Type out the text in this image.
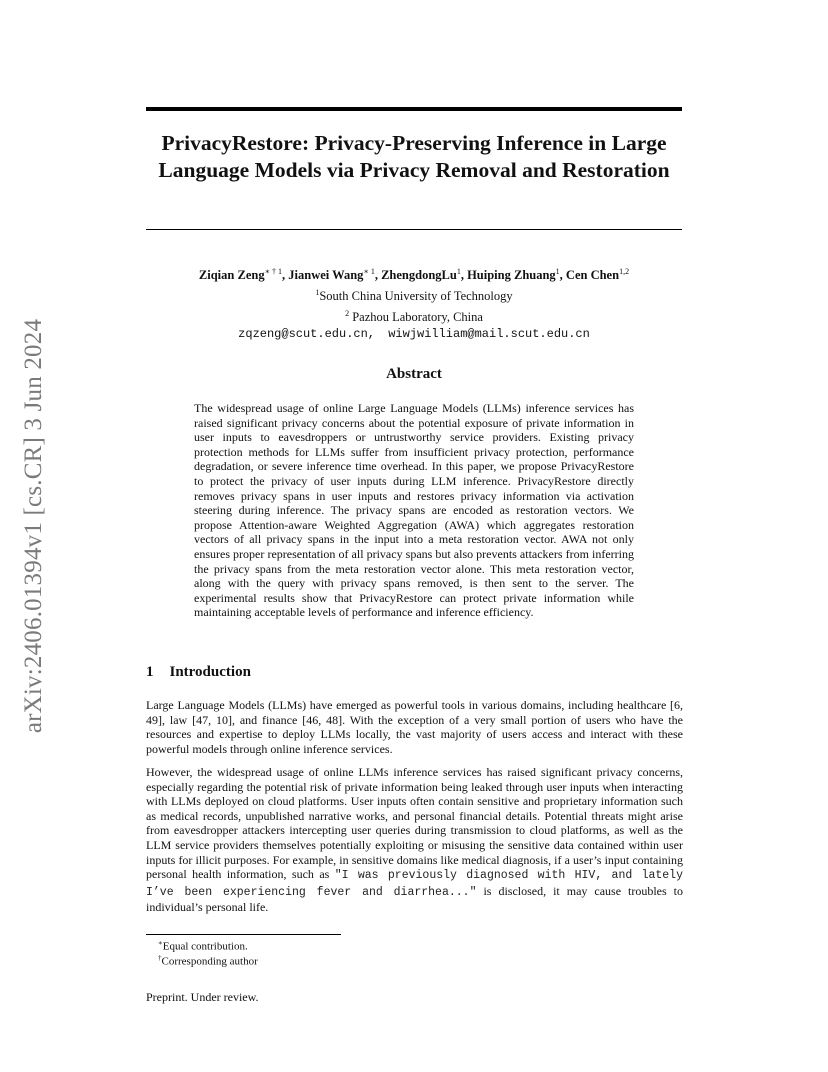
arXiv:2406.01394v1 [cs.CR] 3 Jun 2024
PrivacyRestore: Privacy-Preserving Inference in Large Language Models via Privacy Removal and Restoration
Ziqian Zeng$^{∗ \dagger 1}$, Jianwei Wang$^{∗ 1}$, ZhengdongLu$^1$, Huiping Zhuang$^1$, Cen Chen$^{1,2}$
$^1$South China University of Technology
$^2$ Pazhou Laboratory, China
zqzeng@scut.edu.cn, wiwjwilliam@mail.scut.edu.cn
Abstract
The widespread usage of online Large Language Models (LLMs) inference services has raised significant privacy concerns about the potential exposure of private information in user inputs to eavesdroppers or untrustworthy service providers. Existing privacy protection methods for LLMs suffer from insufficient privacy protection, performance degradation, or severe inference time overhead. In this paper, we propose PrivacyRestore to protect the privacy of user inputs during LLM inference. PrivacyRestore directly removes privacy spans in user inputs and restores privacy information via activation steering during inference. The privacy spans are encoded as restoration vectors. We propose Attention-aware Weighted Aggregation (AWA) which aggregates restoration vectors of all privacy spans in the input into a meta restoration vector. AWA not only ensures proper representation of all privacy spans but also prevents attackers from inferring the privacy spans from the meta restoration vector alone. This meta restoration vector, along with the query with privacy spans removed, is then sent to the server. The experimental results show that PrivacyRestore can protect private information while maintaining acceptable levels of performance and inference efficiency.
1 Introduction
Large Language Models (LLMs) have emerged as powerful tools in various domains, including healthcare [6, 49], law [47, 10], and finance [46, 48]. With the exception of a very small portion of users who have the resources and expertise to deploy LLMs locally, the vast majority of users access and interact with these powerful models through online inference services.
However, the widespread usage of online LLMs inference services has raised significant privacy concerns, especially regarding the potential risk of private information being leaked through user inputs when interacting with LLMs deployed on cloud platforms. User inputs often contain sensitive and proprietary information such as medical records, unpublished narrative works, and personal financial details. Potential threats might arise from eavesdropper attackers intercepting user queries during transmission to cloud platforms, as well as the LLM service providers themselves potentially exploiting or misusing the sensitive data contained within user inputs for illicit purposes. For example, in sensitive domains like medical diagnosis, if a user’s input containing personal health information, such as "I was previously diagnosed with HIV, and lately I’ve been experiencing fever and diarrhea..." is disclosed, it may cause troubles to individual’s personal life.
∗Equal contribution.
†Corresponding author
Preprint. Under review.
